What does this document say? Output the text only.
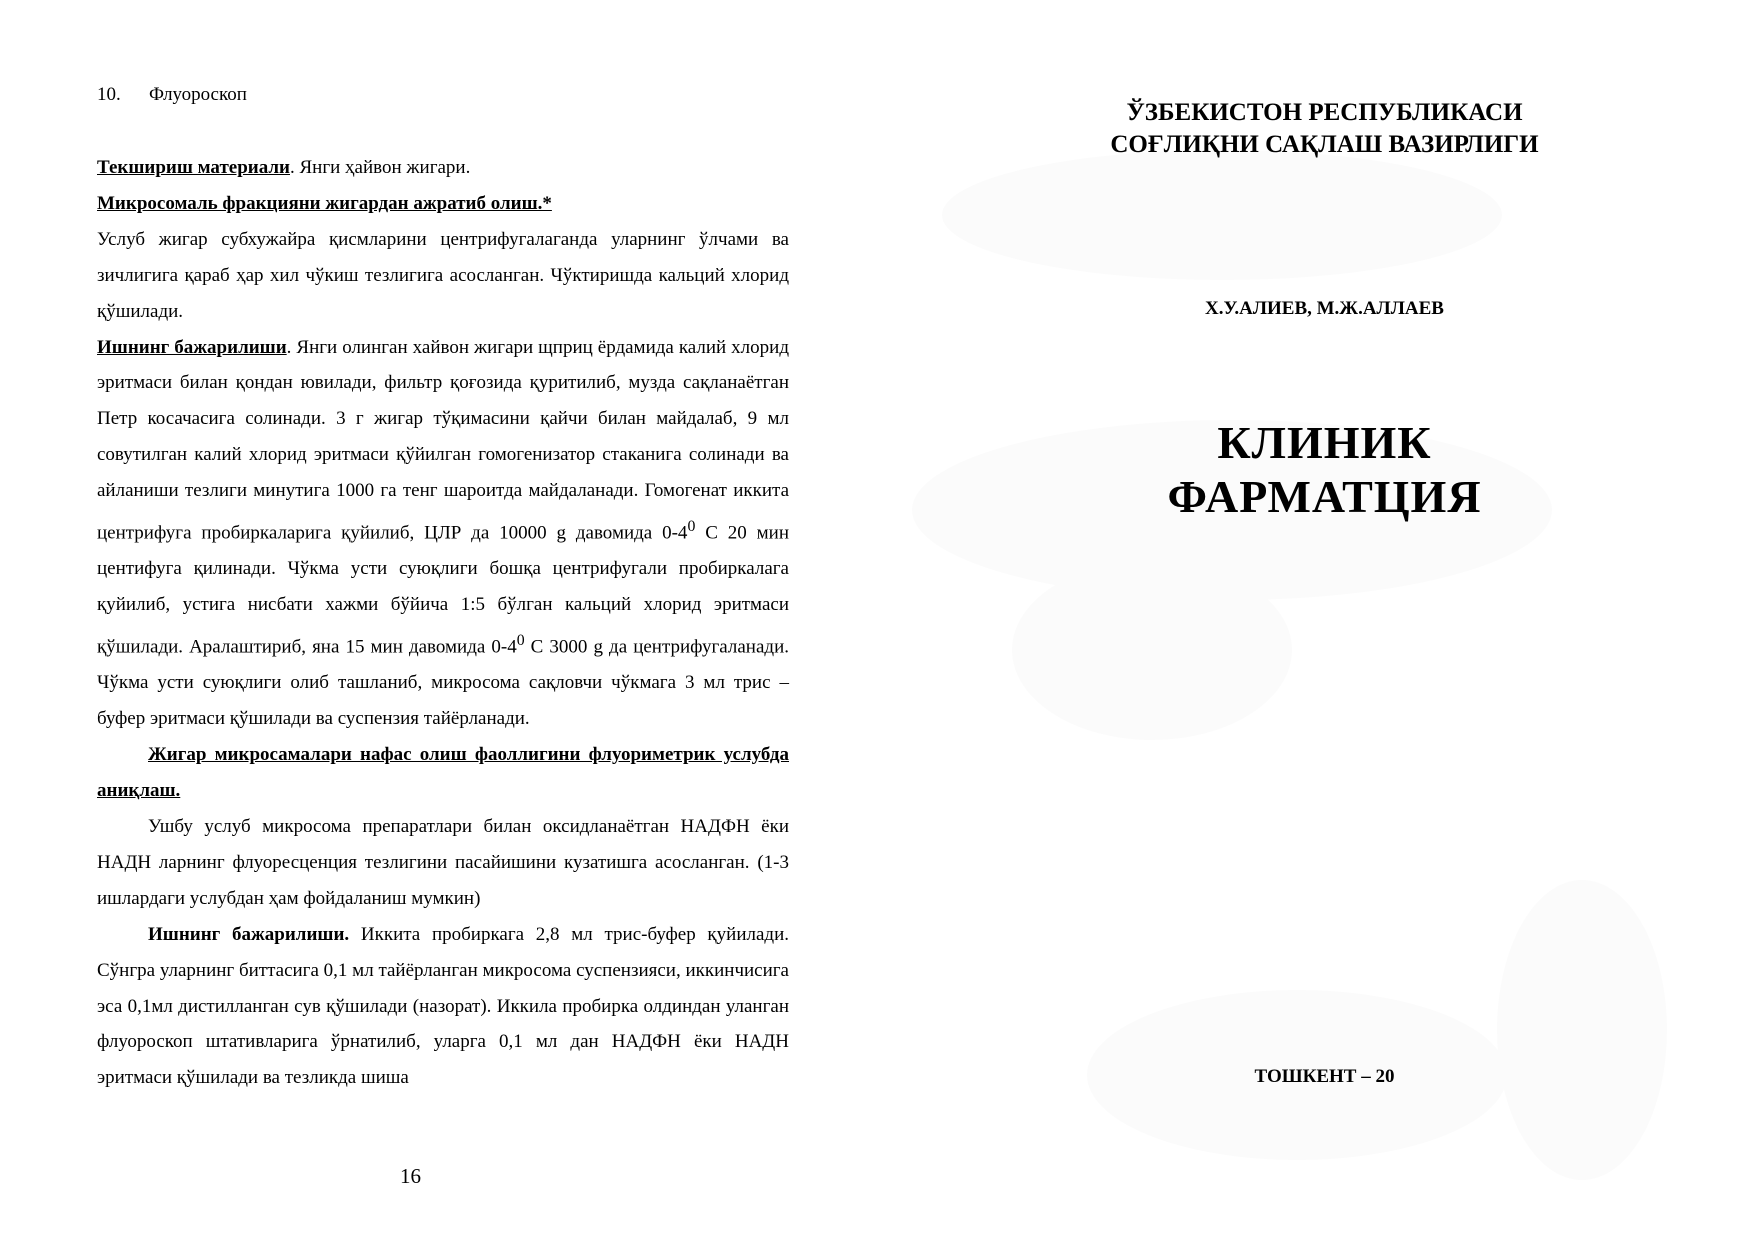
10. Флуороскоп

Текшириш материали. Янги ҳайвон жигари.

Микросомаль фракцияни жигардан ажратиб олиш.*

Услуб жигар субхужайра қисмларини центрифугалаганда уларнинг ўлчами ва зичлигига қараб ҳар хил чўкиш тезлигига асосланган. Чўктиришда кальций хлорид қўшилади.

Ишнинг бажарилиши. Янги олинган хайвон жигари щприц ёрдамида калий хлорид эритмаси билан қондан ювилади, фильтр қоғозида қуритилиб, музда сақланаётган Петр косачасига солинади. 3 г жигар тўқимасини қайчи билан майдалаб, 9 мл совутилган калий хлорид эритмаси қўйилган гомогенизатор стаканига солинади ва айланиши тезлиги минутига 1000 га тенг шароитда майдаланади. Гомогенат иккита центрифуга пробиркаларига қуйилиб, ЦЛР да 10000 g давомида $0-4^0$ С 20 мин центифуга қилинади. Чўкма усти суюқлиги бошқа центрифугали пробиркалага қуйилиб, устига нисбати хажми бўйича 1:5 бўлган кальций хлорид эритмаси қўшилади. Аралаштириб, яна 15 мин давомида $0-4^0$ С 3000 g да центрифугаланади. Чўкма усти суюқлиги олиб ташланиб, микросома сақловчи чўкмага 3 мл трис –буфер эритмаси қўшилади ва суспензия тайёрланади.

Жигар микросамалари нафас олиш фаоллигини флуориметрик услубда аниқлаш.

Ушбу услуб микросома препаратлари билан оксидланаётган НАДФН ёки НАДН ларнинг флуоресценция тезлигини пасайишини кузатишга асосланган. (1-3 ишлардаги услубдан ҳам фойдаланиш мумкин)

Ишнинг бажарилиши. Иккита пробиркага 2,8 мл трис-буфер қуйилади. Сўнгра уларнинг биттасига 0,1 мл тайёрланган микросома суспензияси, иккинчисига эса 0,1мл дистилланган сув қўшилади (назорат). Иккила пробирка олдиндан уланган флуороскоп штативларига ўрнатилиб, уларга 0,1 мл дан НАДФН ёки НАДН эритмаси қўшилади ва тезликда шиша

16
ЎЗБЕКИСТОН РЕСПУБЛИКАСИ
СОҒЛИҚНИ САҚЛАШ ВАЗИРЛИГИ
Х.У.АЛИЕВ, М.Ж.АЛЛАЕВ
КЛИНИК
ФАРМАТЦИЯ
ТОШКЕНТ – 20
